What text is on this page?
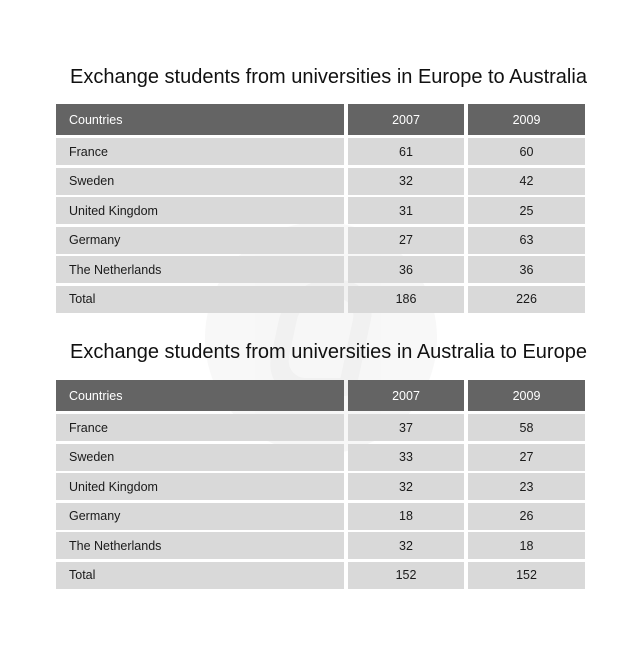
Exchange students from universities in Europe to Australia
Countries	2007	2009
France	61	60
Sweden	32	42
United Kingdom	31	25
Germany	27	63
The Netherlands	36	36
Total	186	226
Exchange students from universities in Australia to Europe
Countries	2007	2009
France	37	58
Sweden	33	27
United Kingdom	32	23
Germany	18	26
The Netherlands	32	18
Total	152	152
